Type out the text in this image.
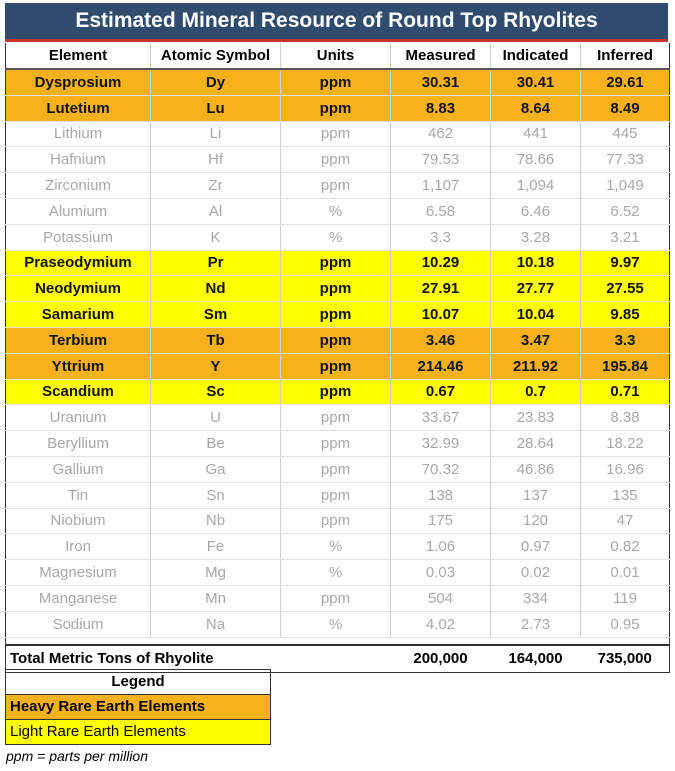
Estimated Mineral Resource of Round Top Rhyolites
Element	Atomic Symbol	Units	Measured	Indicated	Inferred
Dysprosium	Dy	ppm	30.31	30.41	29.61
Lutetium	Lu	ppm	8.83	8.64	8.49
Lithium	Li	ppm	462	441	445
Hafnium	Hf	ppm	79.53	78.66	77.33
Zirconium	Zr	ppm	1,107	1,094	1,049
Alumium	Al	%	6.58	6.46	6.52
Potassium	K	%	3.3	3.28	3.21
Praseodymium	Pr	ppm	10.29	10.18	9.97
Neodymium	Nd	ppm	27.91	27.77	27.55
Samarium	Sm	ppm	10.07	10.04	9.85
Terbium	Tb	ppm	3.46	3.47	3.3
Yttrium	Y	ppm	214.46	211.92	195.84
Scandium	Sc	ppm	0.67	0.7	0.71
Uranium	U	ppm	33.67	23.83	8.38
Beryllium	Be	ppm	32.99	28.64	18.22
Gallium	Ga	ppm	70.32	46.86	16.96
Tin	Sn	ppm	138	137	135
Niobium	Nb	ppm	175	120	47
Iron	Fe	%	1.06	0.97	0.82
Magnesium	Mg	%	0.03	0.02	0.01
Manganese	Mn	ppm	504	334	119
Sodium	Na	%	4.02	2.73	0.95

Total Metric Tons of Rhyolite			200,000	164,000	735,000
Legend
Heavy Rare Earth Elements
Light Rare Earth Elements
ppm = parts per million
